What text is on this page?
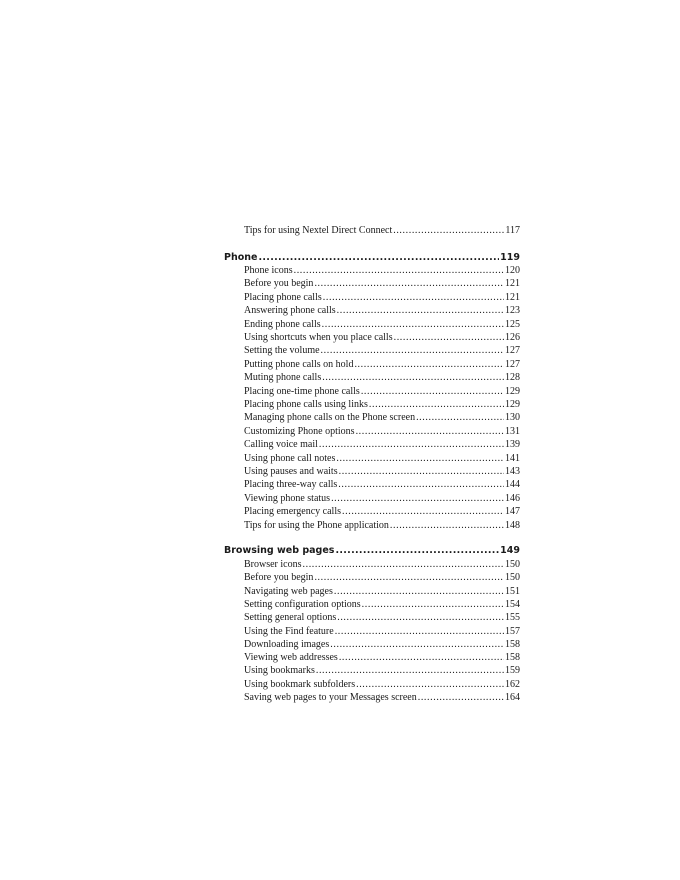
Tips for using Nextel Direct Connect .....	117
Phone .....	119
Phone icons .....	120
Before you begin .....	121
Placing phone calls .....	121
Answering phone calls .....	123
Ending phone calls .....	125
Using shortcuts when you place calls .....	126
Setting the volume .....	127
Putting phone calls on hold .....	127
Muting phone calls .....	128
Placing one-time phone calls .....	129
Placing phone calls using links .....	129
Managing phone calls on the Phone screen .....	130
Customizing Phone options .....	131
Calling voice mail .....	139
Using phone call notes .....	141
Using pauses and waits .....	143
Placing three-way calls .....	144
Viewing phone status .....	146
Placing emergency calls .....	147
Tips for using the Phone application .....	148
Browsing web pages .....	149
Browser icons .....	150
Before you begin .....	150
Navigating web pages .....	151
Setting configuration options .....	154
Setting general options .....	155
Using the Find feature .....	157
Downloading images .....	158
Viewing web addresses .....	158
Using bookmarks .....	159
Using bookmark subfolders .....	162
Saving web pages to your Messages screen .....	164
